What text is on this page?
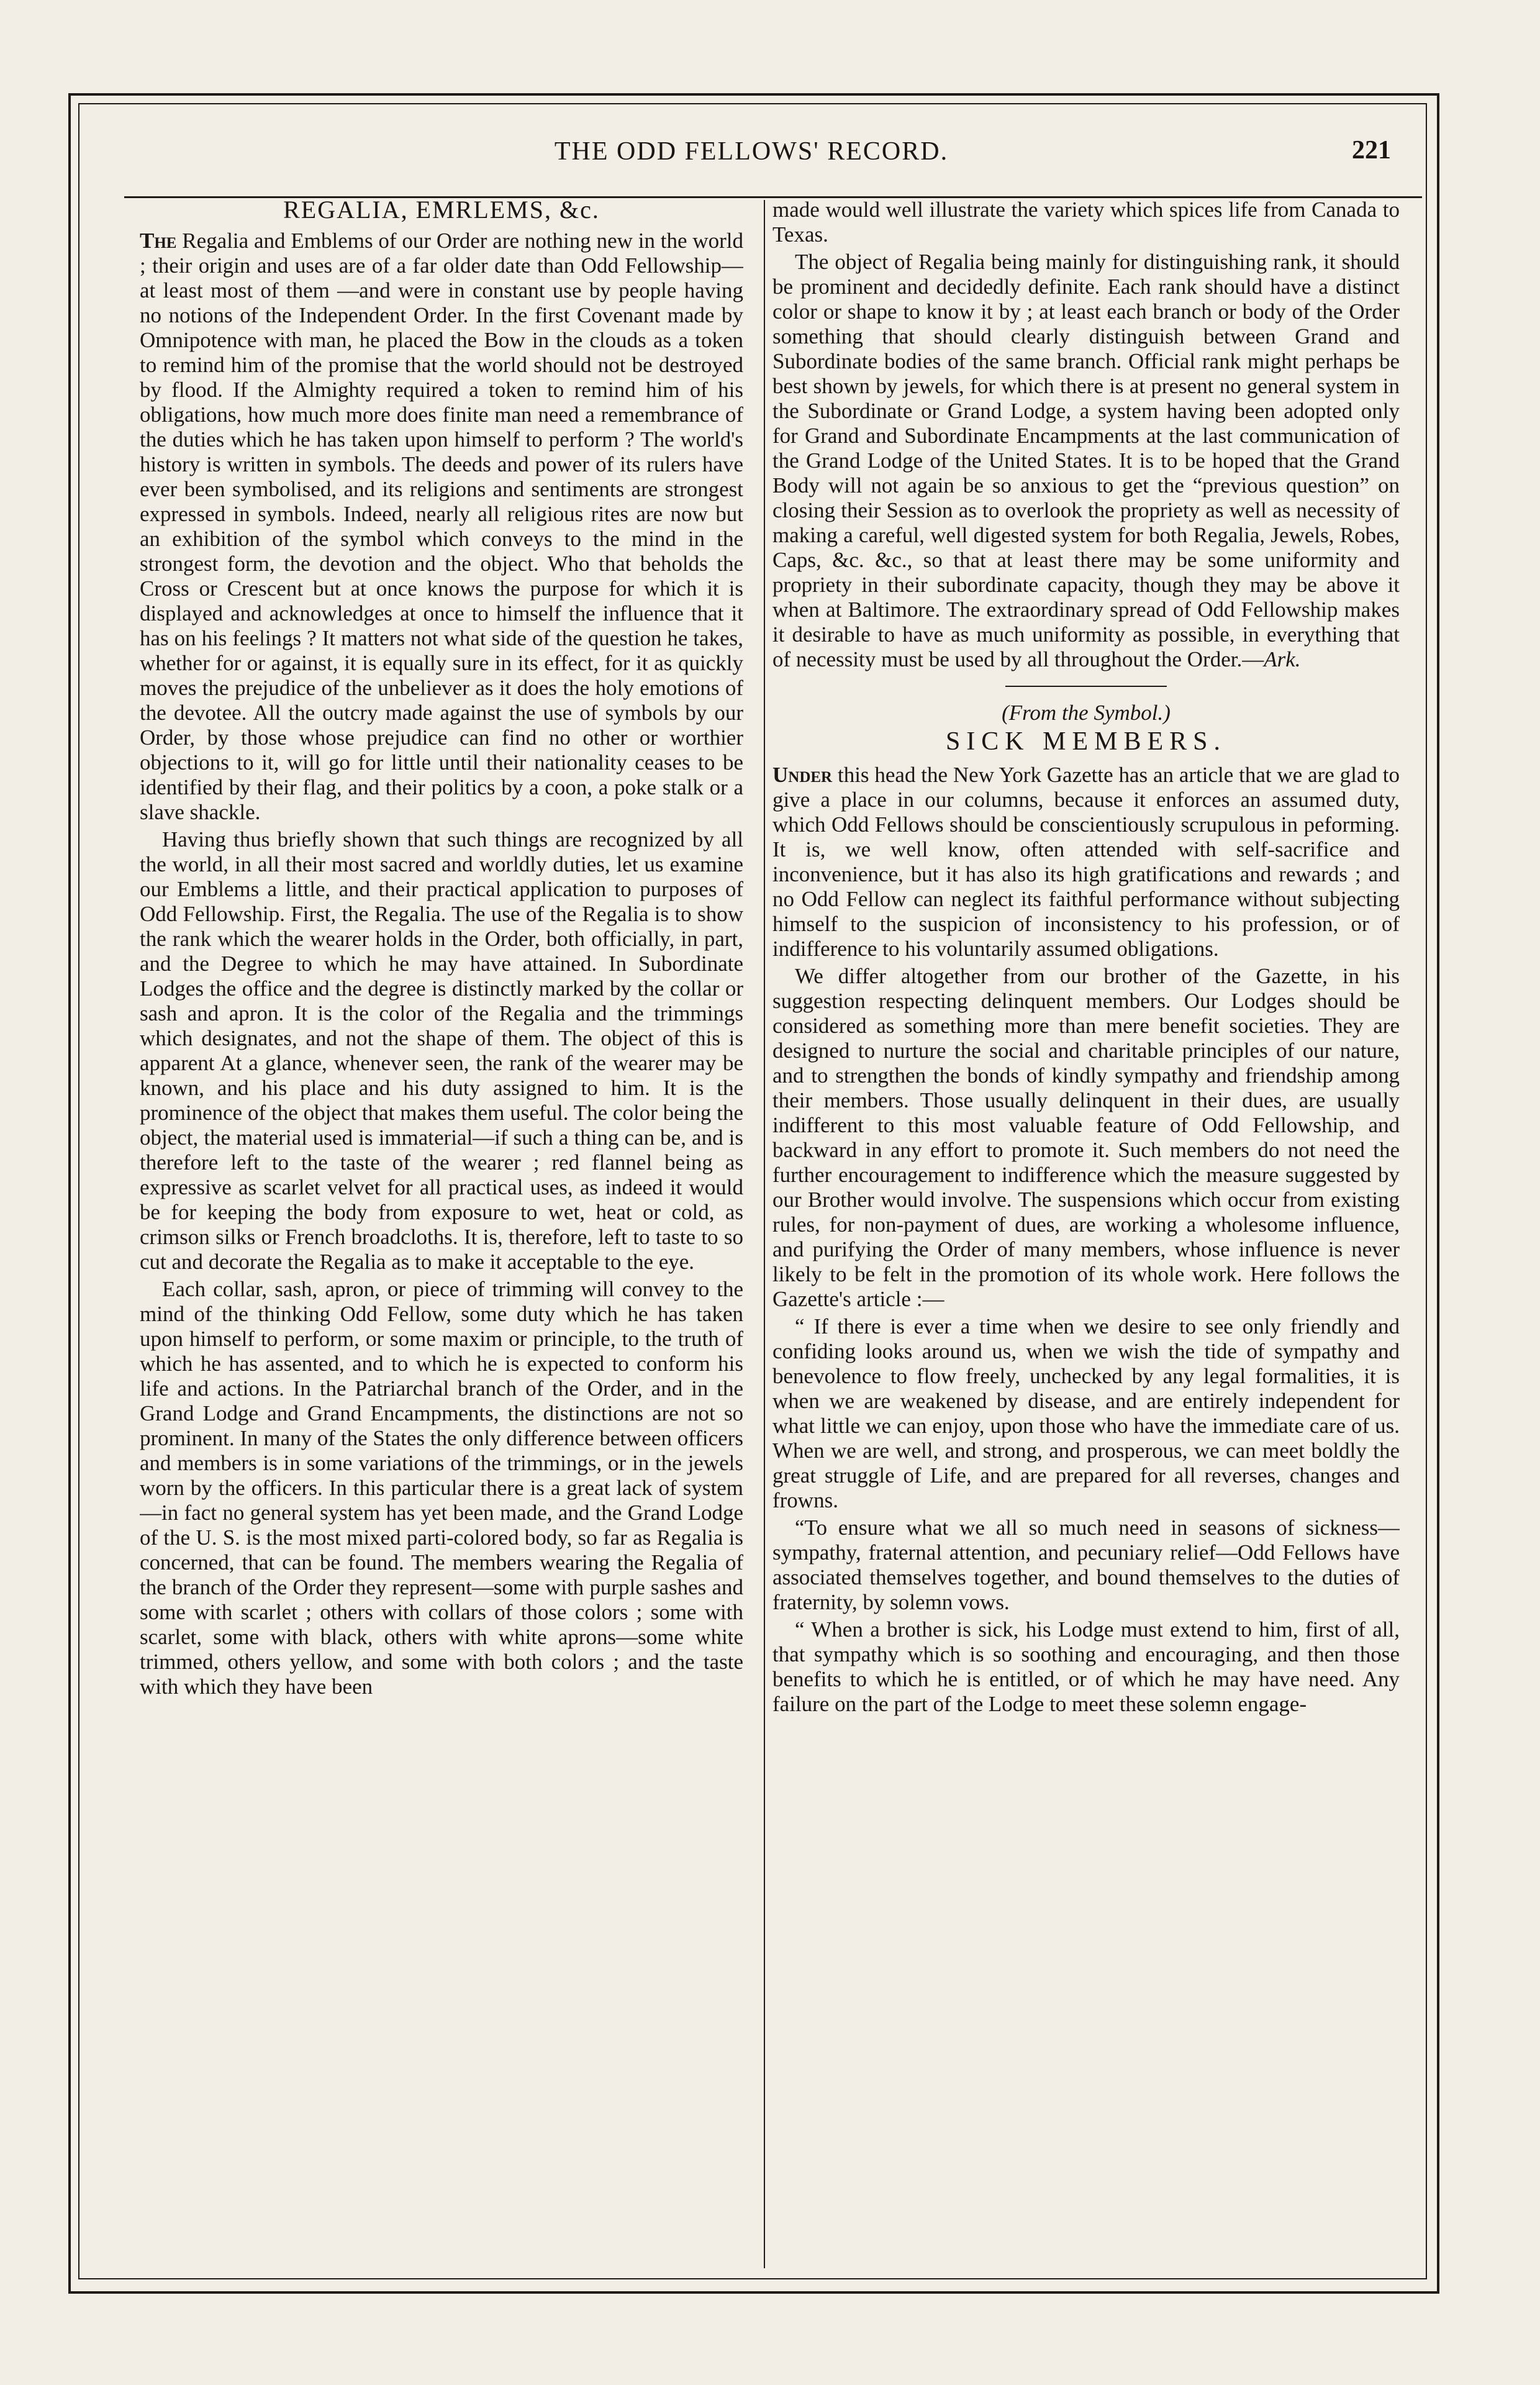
THE ODD FELLOWS' RECORD.	221
REGALIA, EMRLEMS, &c.

The Regalia and Emblems of our Order are nothing new in the world ; their origin and uses are of a far older date than Odd Fellowship—at least most of them —and were in constant use by people having no notions of the Independent Order. In the first Covenant made by Omnipotence with man, he placed the Bow in the clouds as a token to remind him of the promise that the world should not be destroyed by flood. If the Almighty required a token to remind him of his obligations, how much more does finite man need a remembrance of the duties which he has taken upon himself to perform ? The world's history is written in symbols. The deeds and power of its rulers have ever been symbolised, and its religions and sentiments are strongest expressed in symbols. Indeed, nearly all religious rites are now but an exhibition of the symbol which conveys to the mind in the strongest form, the devotion and the object. Who that beholds the Cross or Crescent but at once knows the purpose for which it is displayed and acknowledges at once to himself the influence that it has on his feelings ? It matters not what side of the question he takes, whether for or against, it is equally sure in its effect, for it as quickly moves the prejudice of the unbeliever as it does the holy emotions of the devotee. All the outcry made against the use of symbols by our Order, by those whose prejudice can find no other or worthier objections to it, will go for little until their nationality ceases to be identified by their flag, and their politics by a coon, a poke stalk or a slave shackle.

Having thus briefly shown that such things are recognized by all the world, in all their most sacred and worldly duties, let us examine our Emblems a little, and their practical application to purposes of Odd Fellowship. First, the Regalia. The use of the Regalia is to show the rank which the wearer holds in the Order, both officially, in part, and the Degree to which he may have attained. In Subordinate Lodges the office and the degree is distinctly marked by the collar or sash and apron. It is the color of the Regalia and the trimmings which designates, and not the shape of them. The object of this is apparent At a glance, whenever seen, the rank of the wearer may be known, and his place and his duty assigned to him. It is the prominence of the object that makes them useful. The color being the object, the material used is immaterial—if such a thing can be, and is therefore left to the taste of the wearer ; red flannel being as expressive as scarlet velvet for all practical uses, as indeed it would be for keeping the body from exposure to wet, heat or cold, as crimson silks or French broadcloths. It is, therefore, left to taste to so cut and decorate the Regalia as to make it acceptable to the eye.

Each collar, sash, apron, or piece of trimming will convey to the mind of the thinking Odd Fellow, some duty which he has taken upon himself to perform, or some maxim or principle, to the truth of which he has assented, and to which he is expected to conform his life and actions. In the Patriarchal branch of the Order, and in the Grand Lodge and Grand Encampments, the distinctions are not so prominent. In many of the States the only difference between officers and members is in some variations of the trimmings, or in the jewels worn by the officers. In this particular there is a great lack of system—in fact no general system has yet been made, and the Grand Lodge of the U. S. is the most mixed parti-colored body, so far as Regalia is concerned, that can be found. The members wearing the Regalia of the branch of the Order they represent—some with purple sashes and some with scarlet ; others with collars of those colors ; some with scarlet, some with black, others with white aprons—some white trimmed, others yellow, and some with both colors ; and the taste with which they have been

made would well illustrate the variety which spices life from Canada to Texas.

The object of Regalia being mainly for distinguishing rank, it should be prominent and decidedly definite. Each rank should have a distinct color or shape to know it by ; at least each branch or body of the Order something that should clearly distinguish between Grand and Subordinate bodies of the same branch. Official rank might perhaps be best shown by jewels, for which there is at present no general system in the Subordinate or Grand Lodge, a system having been adopted only for Grand and Subordinate Encampments at the last communication of the Grand Lodge of the United States. It is to be hoped that the Grand Body will not again be so anxious to get the “previous question” on closing their Session as to overlook the propriety as well as necessity of making a careful, well digested system for both Regalia, Jewels, Robes, Caps, &c. &c., so that at least there may be some uniformity and propriety in their subordinate capacity, though they may be above it when at Baltimore. The extraordinary spread of Odd Fellowship makes it desirable to have as much uniformity as possible, in everything that of necessity must be used by all throughout the Order.—Ark.

(From the Symbol.)

SICK MEMBERS.

Under this head the New York Gazette has an article that we are glad to give a place in our columns, because it enforces an assumed duty, which Odd Fellows should be conscientiously scrupulous in peforming. It is, we well know, often attended with self-sacrifice and inconvenience, but it has also its high gratifications and rewards ; and no Odd Fellow can neglect its faithful performance without subjecting himself to the suspicion of inconsistency to his profession, or of indifference to his voluntarily assumed obligations.

We differ altogether from our brother of the Gazette, in his suggestion respecting delinquent members. Our Lodges should be considered as something more than mere benefit societies. They are designed to nurture the social and charitable principles of our nature, and to strengthen the bonds of kindly sympathy and friendship among their members. Those usually delinquent in their dues, are usually indifferent to this most valuable feature of Odd Fellowship, and backward in any effort to promote it. Such members do not need the further encouragement to indifference which the measure suggested by our Brother would involve. The suspensions which occur from existing rules, for non-payment of dues, are working a wholesome influence, and purifying the Order of many members, whose influence is never likely to be felt in the promotion of its whole work. Here follows the Gazette's article :—

“ If there is ever a time when we desire to see only friendly and confiding looks around us, when we wish the tide of sympathy and benevolence to flow freely, unchecked by any legal formalities, it is when we are weakened by disease, and are entirely independent for what little we can enjoy, upon those who have the immediate care of us. When we are well, and strong, and prosperous, we can meet boldly the great struggle of Life, and are prepared for all reverses, changes and frowns.

“To ensure what we all so much need in seasons of sickness—sympathy, fraternal attention, and pecuniary relief—Odd Fellows have associated themselves together, and bound themselves to the duties of fraternity, by solemn vows.

“ When a brother is sick, his Lodge must extend to him, first of all, that sympathy which is so soothing and encouraging, and then those benefits to which he is entitled, or of which he may have need. Any failure on the part of the Lodge to meet these solemn engage-
